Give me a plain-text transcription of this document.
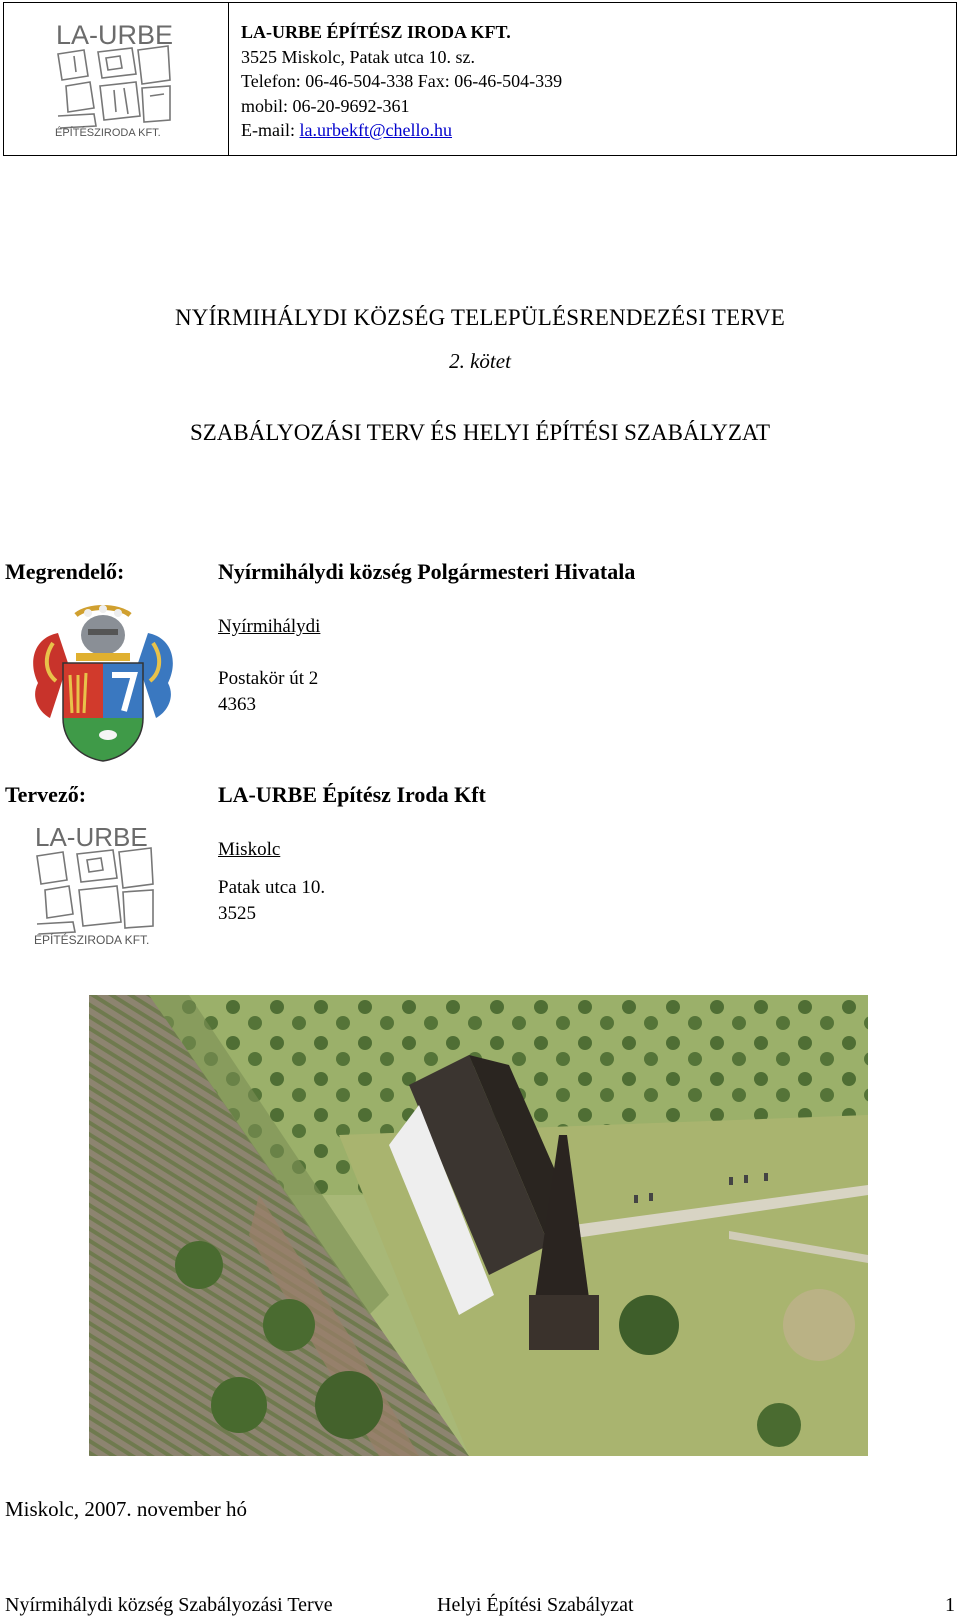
LA-URBE
ÉPÍTÉSZIRODA KFT.
LA-URBE ÉPÍTÉSZ IRODA KFT.
3525 Miskolc, Patak utca 10. sz.
Telefon: 06-46-504-338 Fax: 06-46-504-339
mobil: 06-20-9692-361
E-mail: la.urbekft@chello.hu
NYÍRMIHÁLYDI KÖZSÉG TELEPÜLÉSRENDEZÉSI TERVE
2. kötet
SZABÁLYOZÁSI TERV ÉS HELYI ÉPÍTÉSI SZABÁLYZAT
Megrendelő:	Nyírmihálydi község Polgármesteri Hivatala
Nyírmihálydi
Postakör út 2
4363
Tervező:	LA-URBE Építész Iroda Kft
Miskolc
Patak utca 10.
3525
LA-URBE
ÉPÍTÉSZIRODA KFT.
Miskolc, 2007. november hó
Nyírmihálydi község Szabályozási Terve	Helyi Építési Szabályzat	1
